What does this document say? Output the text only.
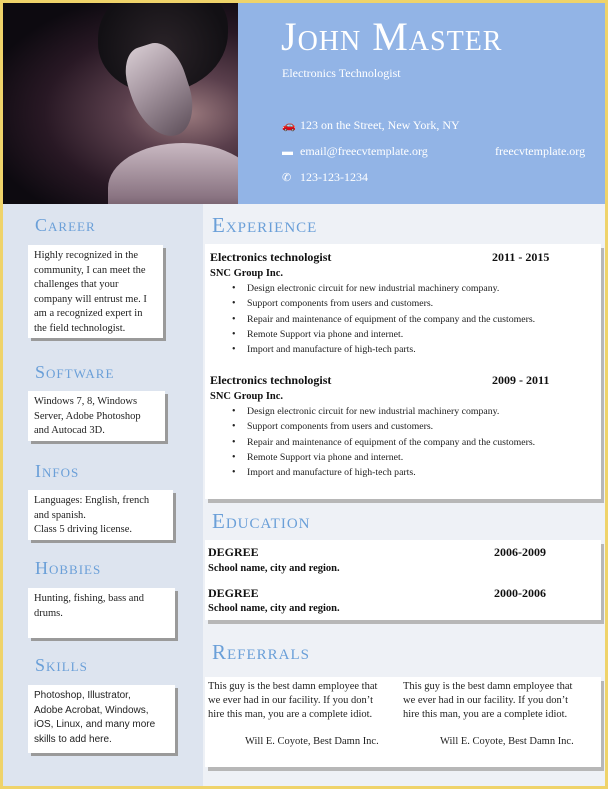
John Master
Electronics Technologist
🚗 123 on the Street, New York, NY
▬ email@freecvtemplate.org	freecvtemplate.org
✆ 123-123-1234
Career
Highly recognized in the
community, I can meet the
challenges that your
company will entrust me. I
am a recognized expert in
the field technologist.
Software
Windows 7, 8, Windows
Server, Adobe Photoshop
and Autocad 3D.
Infos
Languages: English, french
and spanish.
Class 5 driving license.
Hobbies
Hunting, fishing, bass and
drums.
Skills
Photoshop, Illustrator,
Adobe Acrobat, Windows,
iOS, Linux, and many more
skills to add here.
Experience
Electronics technologist	2011 - 2015
SNC Group Inc.
• Design electronic circuit for new industrial machinery company.
• Support components from users and customers.
• Repair and maintenance of equipment of the company and the customers.
• Remote Support via phone and internet.
• Import and manufacture of high-tech parts.
Electronics technologist	2009 - 2011
SNC Group Inc.
• Design electronic circuit for new industrial machinery company.
• Support components from users and customers.
• Repair and maintenance of equipment of the company and the customers.
• Remote Support via phone and internet.
• Import and manufacture of high-tech parts.
Education
DEGREE	2006-2009
School name, city and region.
DEGREE	2000-2006
School name, city and region.
Referrals
This guy is the best damn employee that
we ever had in our facility. If you don’t
hire this man, you are a complete idiot.
Will E. Coyote, Best Damn Inc.
This guy is the best damn employee that
we ever had in our facility. If you don’t
hire this man, you are a complete idiot.
Will E. Coyote, Best Damn Inc.
